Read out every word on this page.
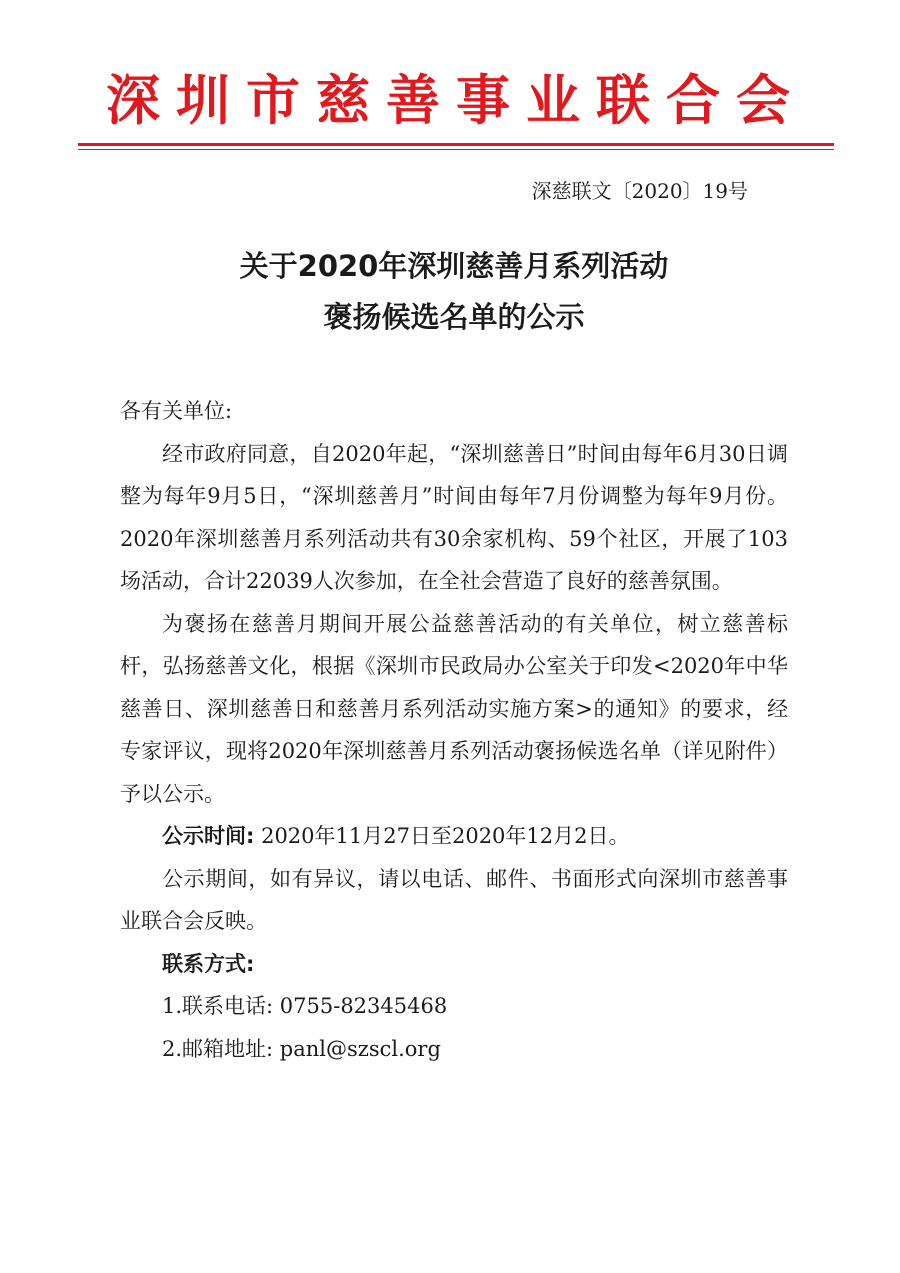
深圳市慈善事业联合会
深慈联文〔2020〕19号
关于2020年深圳慈善月系列活动
褒扬候选名单的公示

各有关单位:

经市政府同意，自2020年起，“深圳慈善日”时间由每年6月30日调整为每年9月5日，“深圳慈善月”时间由每年7月份调整为每年9月份。2020年深圳慈善月系列活动共有30余家机构、59个社区，开展了103场活动，合计22039人次参加，在全社会营造了良好的慈善氛围。

为褒扬在慈善月期间开展公益慈善活动的有关单位，树立慈善标杆，弘扬慈善文化，根据《深圳市民政局办公室关于印发<2020年中华慈善日、深圳慈善日和慈善月系列活动实施方案>的通知》的要求，经专家评议，现将2020年深圳慈善月系列活动褒扬候选名单（详见附件）予以公示。

公示时间: 2020年11月27日至2020年12月2日。

公示期间，如有异议，请以电话、邮件、书面形式向深圳市慈善事业联合会反映。

联系方式:

1.联系电话: 0755-82345468

2.邮箱地址: panl@szscl.org
